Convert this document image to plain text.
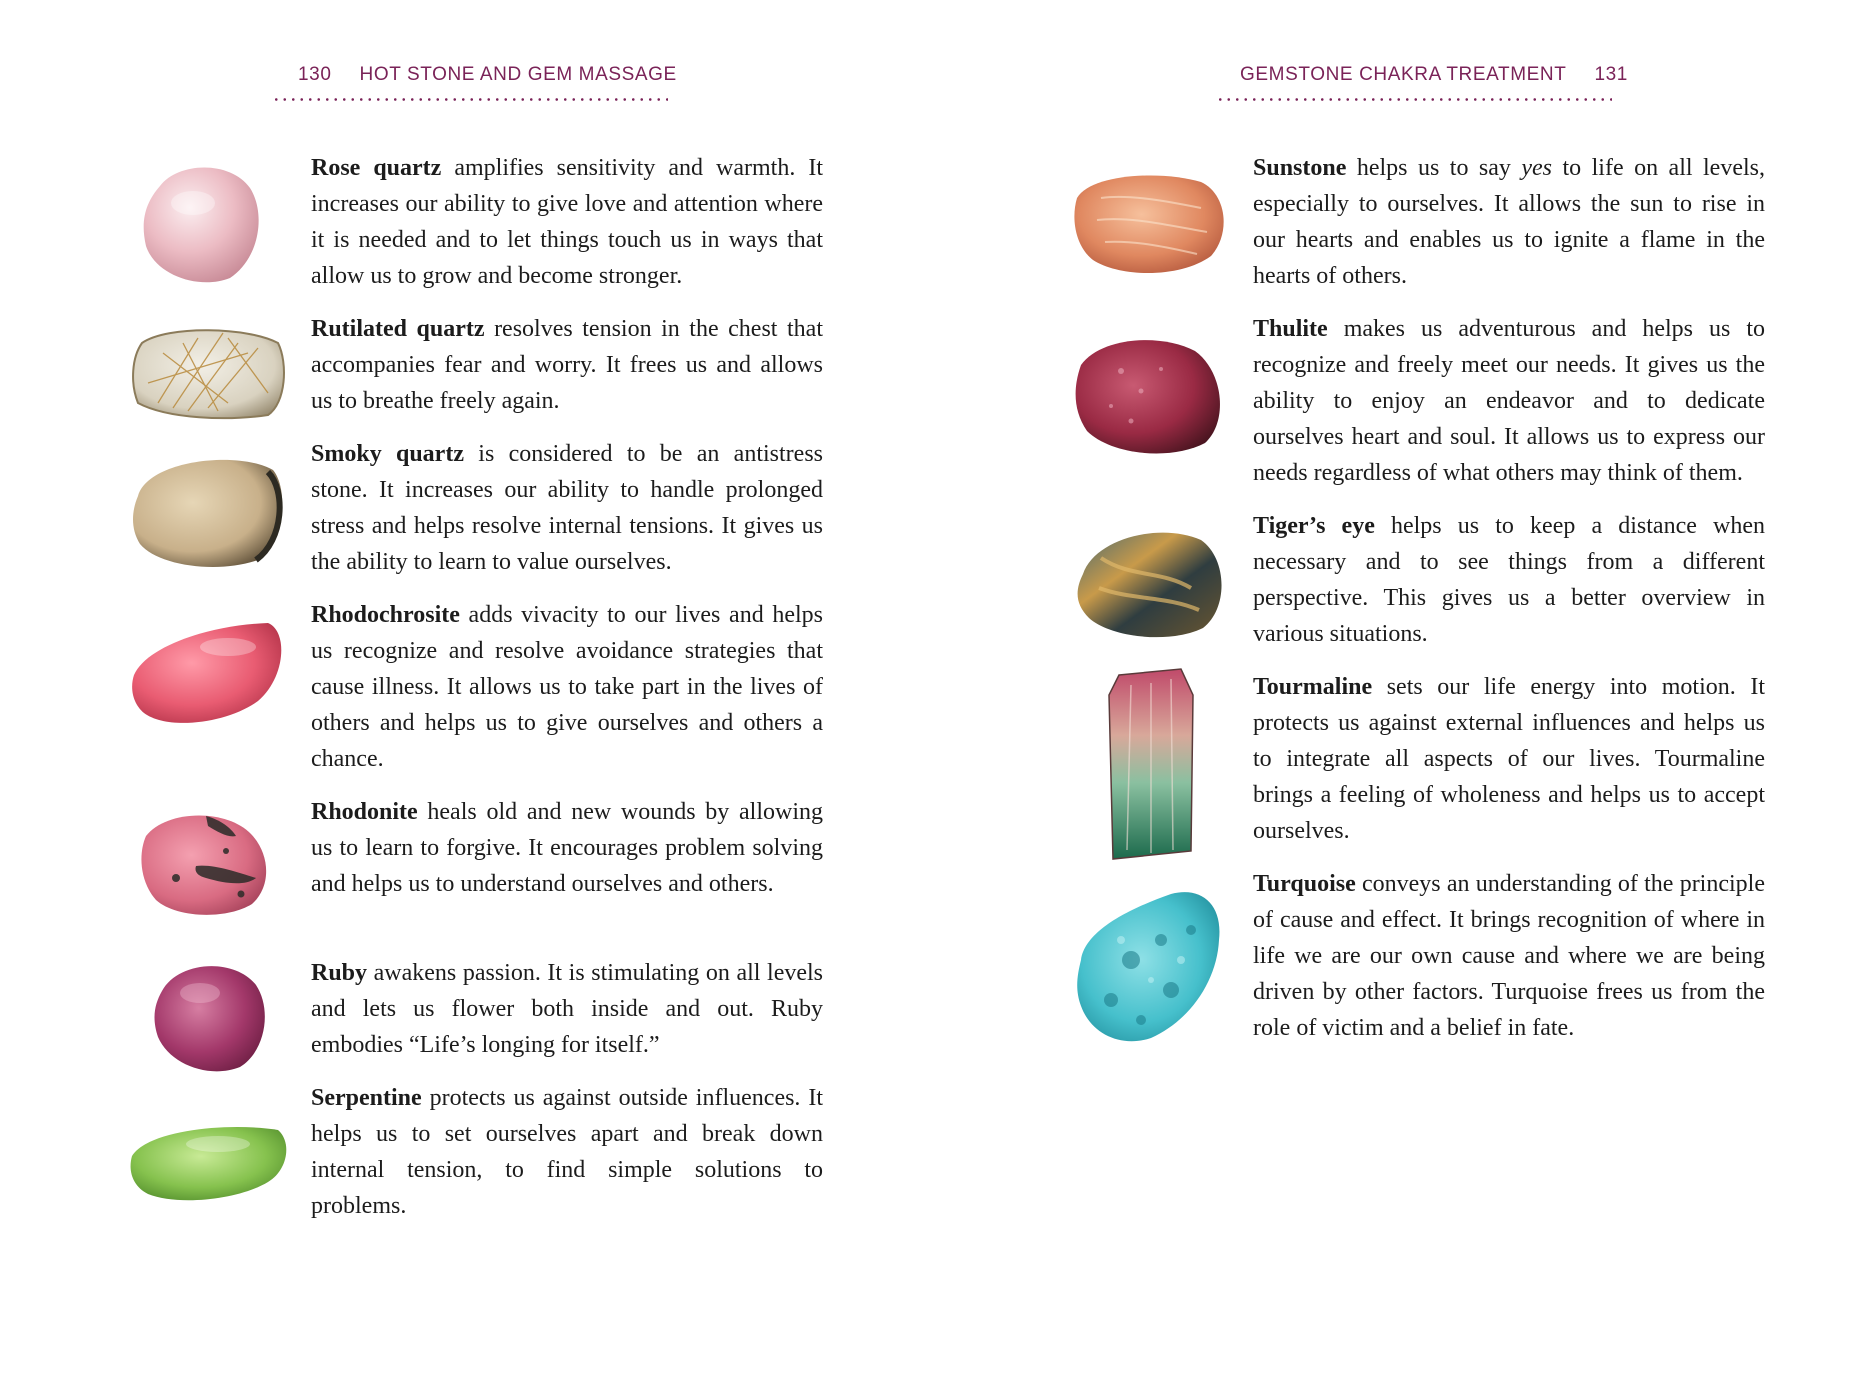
130 HOT STONE AND GEM MASSAGE

Rose quartz amplifies sensitivity and warmth. It increases our ability to give love and attention where it is needed and to let things touch us in ways that allow us to grow and become stronger.

Rutilated quartz resolves tension in the chest that accompanies fear and worry. It frees us and allows us to breathe freely again.

Smoky quartz is considered to be an antistress stone. It increases our ability to handle prolonged stress and helps resolve internal tensions. It gives us the ability to learn to value ourselves.

Rhodochrosite adds vivacity to our lives and helps us recognize and resolve avoidance strategies that cause illness. It allows us to take part in the lives of others and helps us to give ourselves and others a chance.

Rhodonite heals old and new wounds by allowing us to learn to forgive. It encourages problem solving and helps us to understand ourselves and others.

Ruby awakens passion. It is stimulating on all levels and lets us flower both inside and out. Ruby embodies “Life’s longing for itself.”

Serpentine protects us against outside influences. It helps us to set ourselves apart and break down internal tension, to find simple solutions to problems.

GEMSTONE CHAKRA TREATMENT 131

Sunstone helps us to say yes to life on all levels, especially to ourselves. It allows the sun to rise in our hearts and enables us to ignite a flame in the hearts of others.

Thulite makes us adventurous and helps us to recognize and freely meet our needs. It gives us the ability to enjoy an endeavor and to dedicate ourselves heart and soul. It allows us to express our needs regardless of what others may think of them.

Tiger’s eye helps us to keep a distance when necessary and to see things from a different perspective. This gives us a better overview in various situations.

Tourmaline sets our life energy into motion. It protects us against external influences and helps us to integrate all aspects of our lives. Tourmaline brings a feeling of wholeness and helps us to accept ourselves.

Turquoise conveys an understanding of the principle of cause and effect. It brings recognition of where in life we are our own cause and where we are being driven by other factors. Turquoise frees us from the role of victim and a belief in fate.
